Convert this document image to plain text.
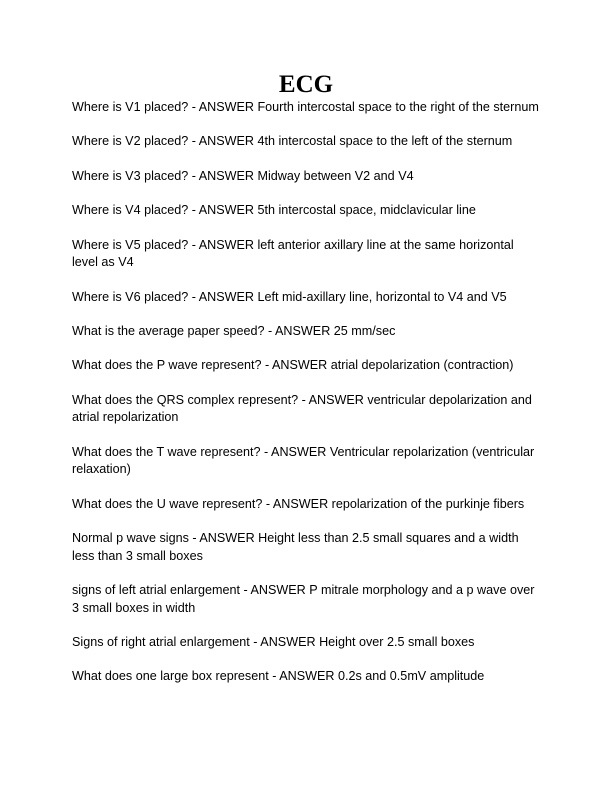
ECG
Where is V1 placed? - ANSWER Fourth intercostal space to the right of the sternum
Where is V2 placed? - ANSWER 4th intercostal space to the left of the sternum
Where is V3 placed? - ANSWER Midway between V2 and V4
Where is V4 placed? - ANSWER 5th intercostal space, midclavicular line
Where is V5 placed? - ANSWER left anterior axillary line at the same horizontal level as V4
Where is V6 placed? - ANSWER Left mid-axillary line, horizontal to V4 and V5
What is the average paper speed? - ANSWER 25 mm/sec
What does the P wave represent? - ANSWER atrial depolarization (contraction)
What does the QRS complex represent? - ANSWER ventricular depolarization and atrial repolarization
What does the T wave represent? - ANSWER Ventricular repolarization (ventricular relaxation)
What does the U wave represent? - ANSWER repolarization of the purkinje fibers
Normal p wave signs - ANSWER Height less than 2.5 small squares and a width less than 3 small boxes
signs of left atrial enlargement - ANSWER P mitrale morphology and a p wave over 3 small boxes in width
Signs of right atrial enlargement - ANSWER Height over 2.5 small boxes
What does one large box represent - ANSWER 0.2s and 0.5mV amplitude
